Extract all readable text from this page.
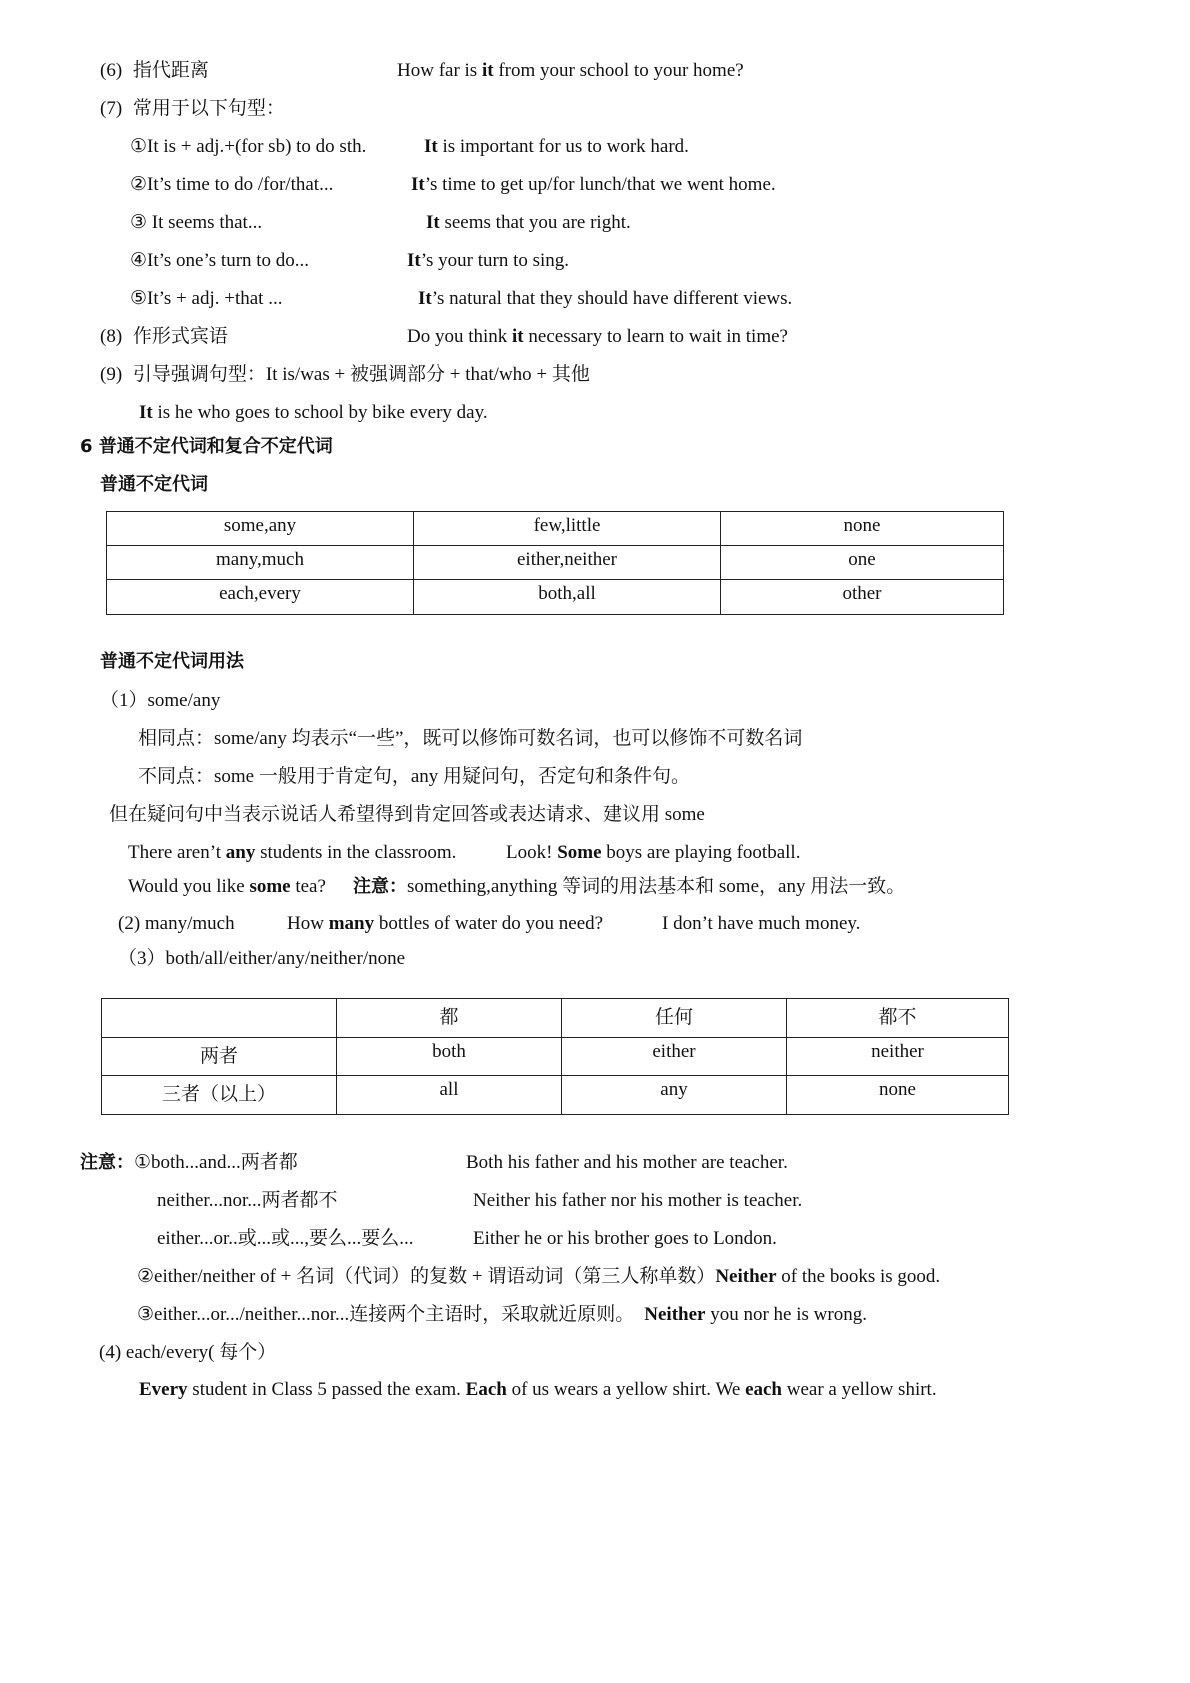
(6) 指代距离	How far is it from your school to your home?
(7) 常用于以下句型：
①It is + adj.+(for sb) to do sth.	It is important for us to work hard.
②It’s time to do /for/that...	It’s time to get up/for lunch/that we went home.
③ It seems that...	It seems that you are right.
④It’s one’s turn to do...	It’s your turn to sing.
⑤It’s + adj. +that ...	It’s natural that they should have different views.
(8) 作形式宾语	Do you think it necessary to learn to wait in time?
(9) 引导强调句型：It is/was + 被强调部分 + that/who + 其他
It is he who goes to school by bike every day.
6 普通不定代词和复合不定代词
普通不定代词
some,any	few,little	none
many,much	either,neither	one
each,every	both,all	other
普通不定代词用法
（1）some/any
相同点：some/any 均表示“一些”，既可以修饰可数名词，也可以修饰不可数名词
不同点：some 一般用于肯定句，any 用疑问句，否定句和条件句。
但在疑问句中当表示说话人希望得到肯定回答或表达请求、建议用 some
There aren’t any students in the classroom.	Look! Some boys are playing football.
Would you like some tea? 注意：something,anything 等词的用法基本和 some，any 用法一致。
(2) many/much	How many bottles of water do you need?	I don’t have much money.
（3）both/all/either/any/neither/none
	都	任何	都不
两者	both	either	neither
三者（以上）	all	any	none
注意：①both...and...两者都	Both his father and his mother are teacher.
neither...nor...两者都不	Neither his father nor his mother is teacher.
either...or..或...或...,要么...要么...	Either he or his brother goes to London.
②either/neither of + 名词（代词）的复数 + 谓语动词（第三人称单数）Neither of the books is good.
③either...or.../neither...nor...连接两个主语时，采取就近原则。 Neither you nor he is wrong.
(4) each/every( 每个）
Every student in Class 5 passed the exam. Each of us wears a yellow shirt. We each wear a yellow shirt.
